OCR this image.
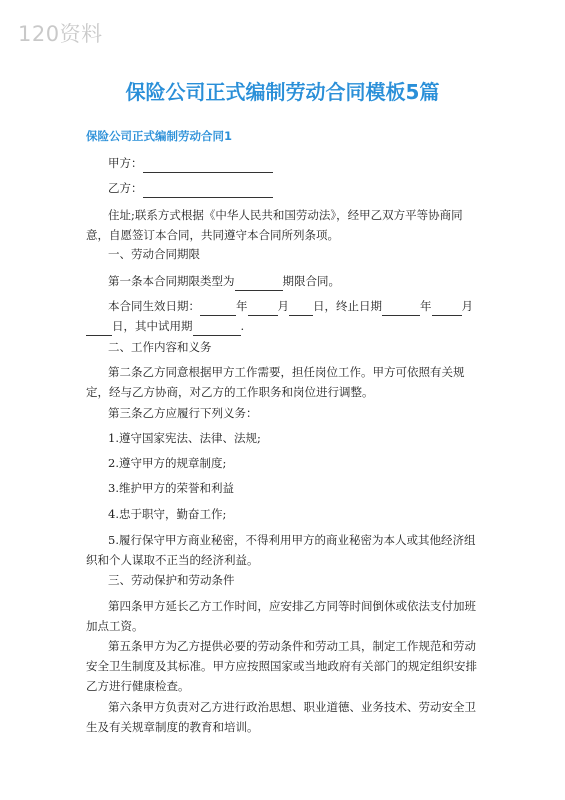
120资料
保险公司正式编制劳动合同模板5篇
保险公司正式编制劳动合同1
甲方：
乙方：
住址;联系方式根据《中华人民共和国劳动法》，经甲乙双方平等协商同意，自愿签订本合同，共同遵守本合同所列条项。
一、劳动合同期限
第一条本合同期限类型为	期限合同。
本合同生效日期：	年	月 日，终止日期	年	月日，其中试用期	.
二、工作内容和义务
第二条乙方同意根据甲方工作需要，担任岗位工作。甲方可依照有关规定，经与乙方协商，对乙方的工作职务和岗位进行调整。
第三条乙方应履行下列义务：
1.遵守国家宪法、法律、法规;
2.遵守甲方的规章制度;
3.维护甲方的荣誉和利益
4.忠于职守，勤奋工作;
5.履行保守甲方商业秘密，不得利用甲方的商业秘密为本人或其他经济组织和个人谋取不正当的经济利益。
三、劳动保护和劳动条件
第四条甲方延长乙方工作时间，应安排乙方同等时间倒休或依法支付加班加点工资。
第五条甲方为乙方提供必要的劳动条件和劳动工具，制定工作规范和劳动安全卫生制度及其标准。甲方应按照国家或当地政府有关部门的规定组织安排乙方进行健康检查。
第六条甲方负责对乙方进行政治思想、职业道德、业务技术、劳动安全卫生及有关规章制度的教育和培训。
